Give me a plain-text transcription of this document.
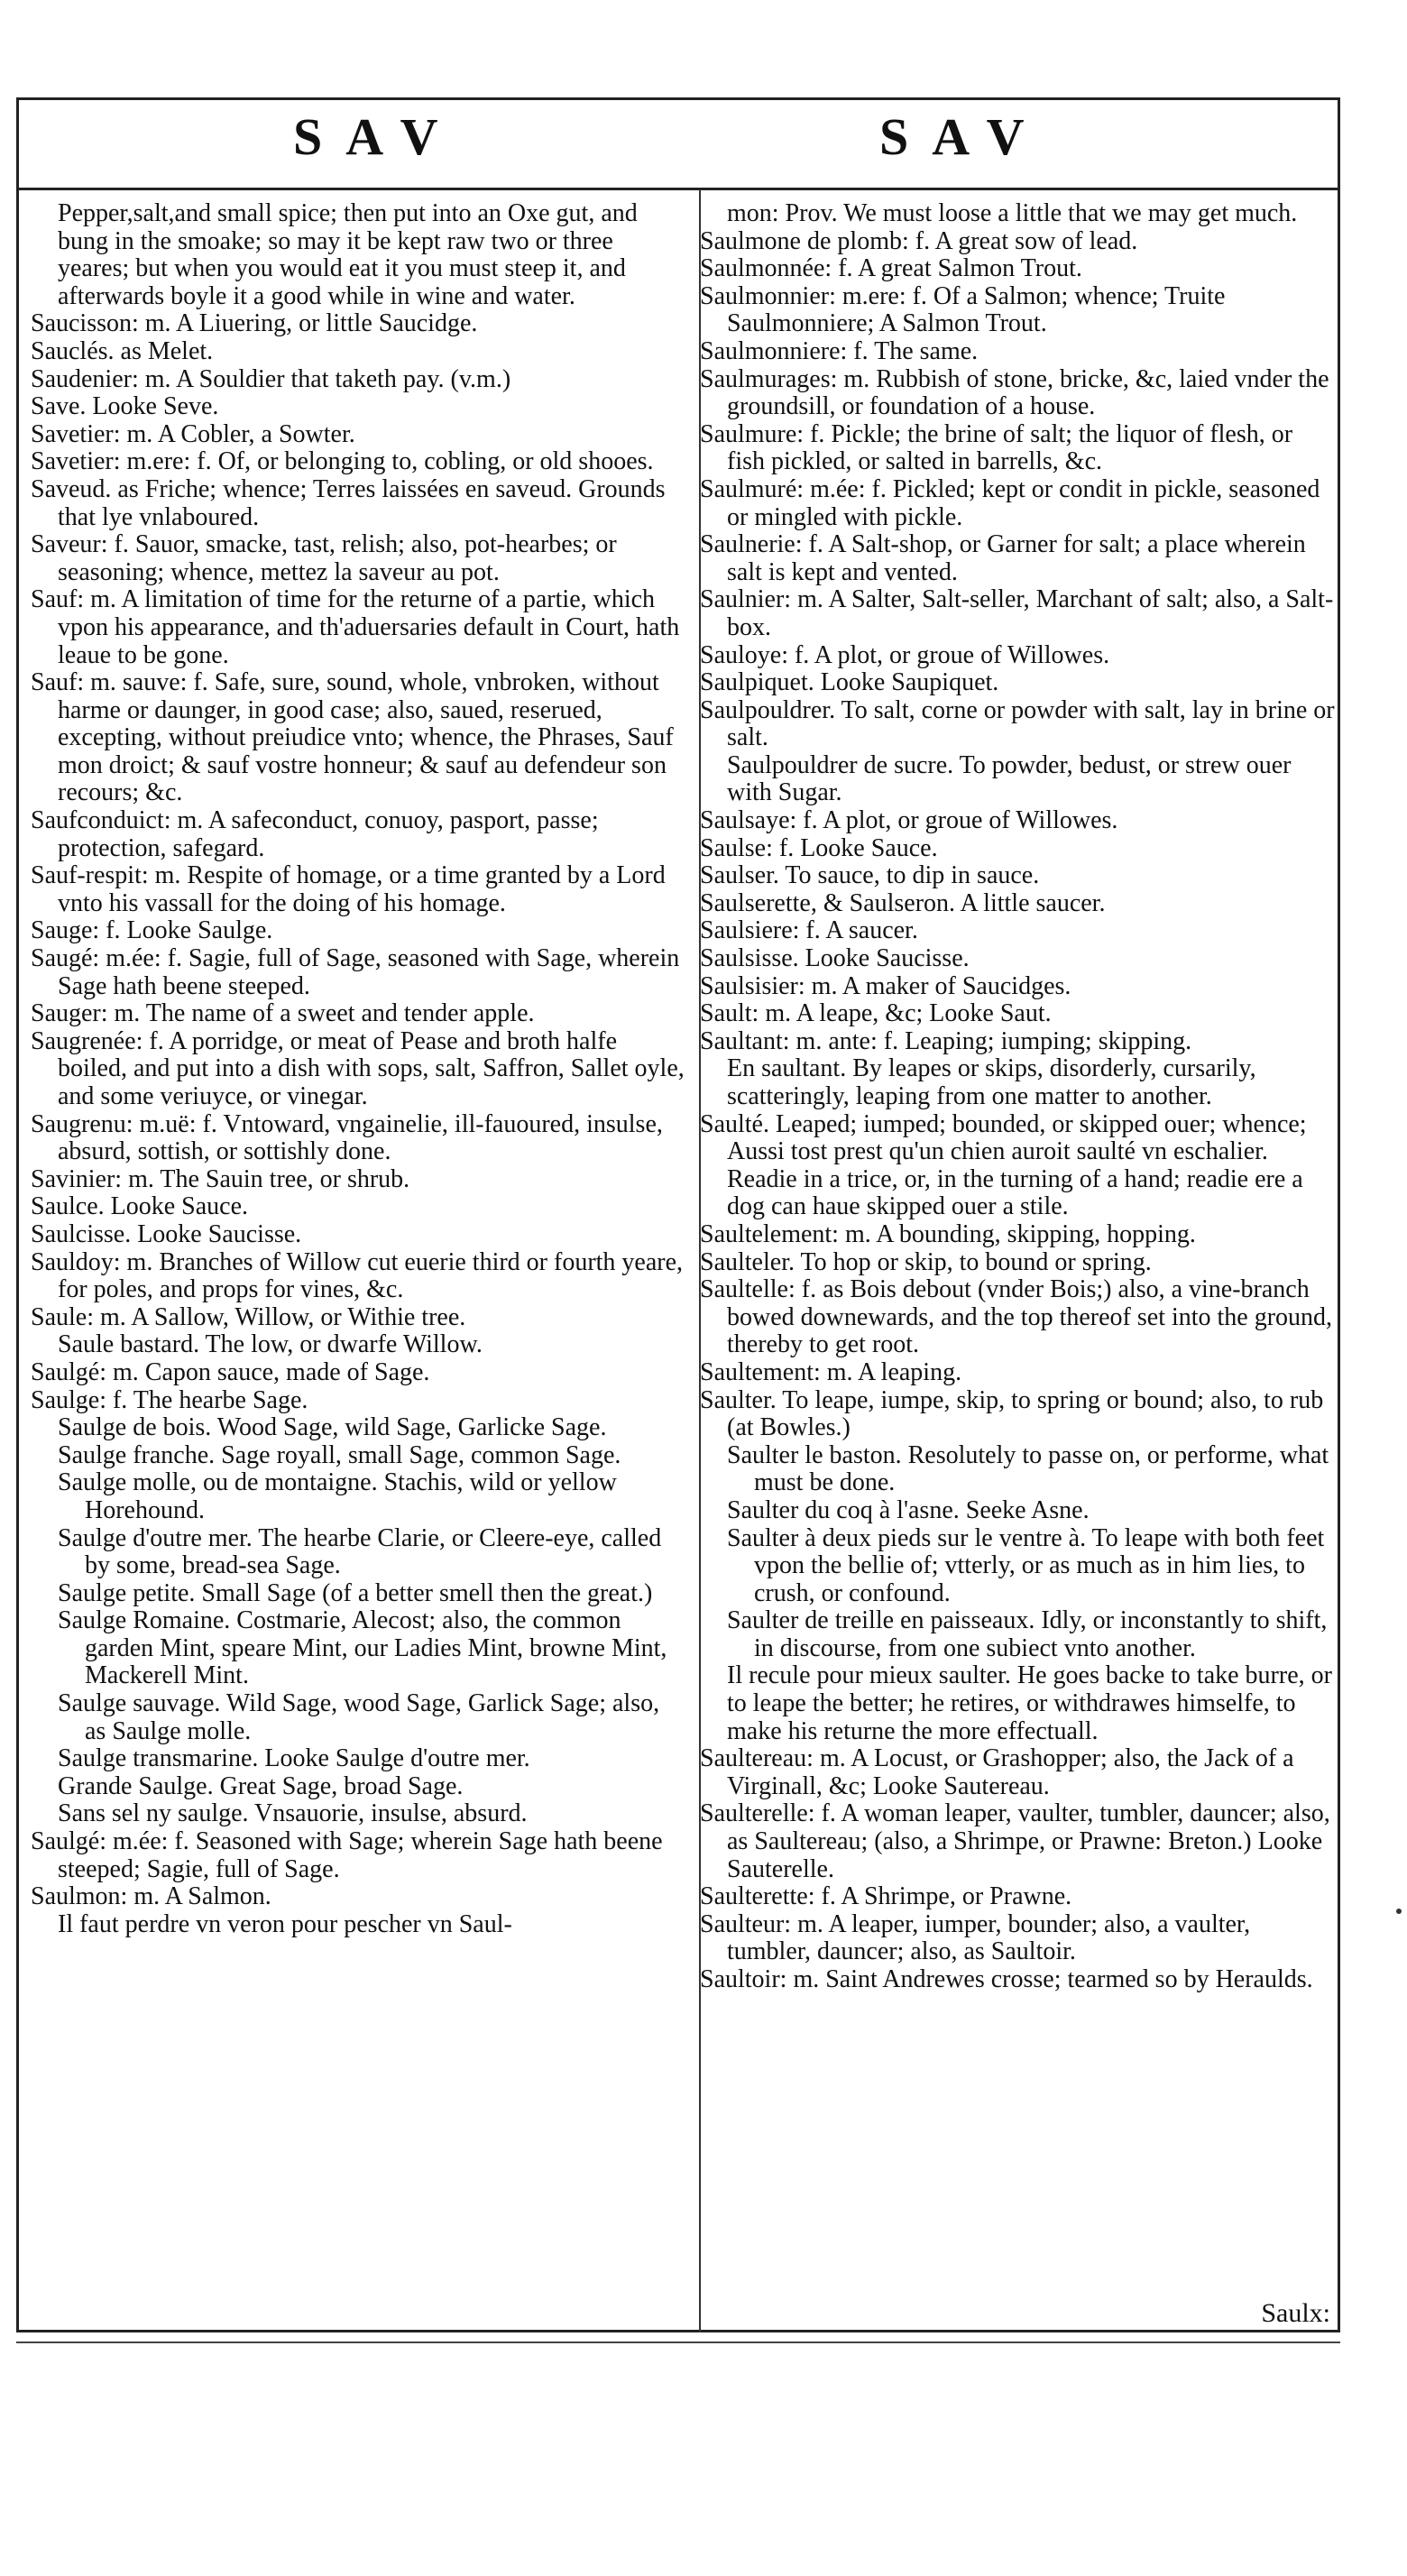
SAV	SAV

Pepper,salt,and small spice; then put into an Oxe gut, and bung in the smoake; so may it be kept raw two or three yeares; but when you would eat it you must steep it, and afterwards boyle it a good while in wine and water.

Saucisson: m. A Liuering, or little Saucidge.

Sauclés. as Melet.

Saudenier: m. A Souldier that taketh pay. (v.m.)

Save. Looke Seve.

Savetier: m. A Cobler, a Sowter.

Savetier: m.ere: f. Of, or belonging to, cobling, or old shooes.

Saveud. as Friche; whence; Terres laissées en saveud. Grounds that lye vnlaboured.

Saveur: f. Sauor, smacke, tast, relish; also, pot-hearbes; or seasoning; whence, mettez la saveur au pot.

Sauf: m. A limitation of time for the returne of a partie, which vpon his appearance, and th'aduersaries default in Court, hath leaue to be gone.

Sauf: m. sauve: f. Safe, sure, sound, whole, vnbroken, without harme or daunger, in good case; also, saued, reserued, excepting, without preiudice vnto; whence, the Phrases, Sauf mon droict; & sauf vostre honneur; & sauf au defendeur son recours; &c.

Saufconduict: m. A safeconduct, conuoy, pasport, passe; protection, safegard.

Sauf-respit: m. Respite of homage, or a time granted by a Lord vnto his vassall for the doing of his homage.

Sauge: f. Looke Saulge.

Saugé: m.ée: f. Sagie, full of Sage, seasoned with Sage, wherein Sage hath beene steeped.

Sauger: m. The name of a sweet and tender apple.

Saugrenée: f. A porridge, or meat of Pease and broth halfe boiled, and put into a dish with sops, salt, Saffron, Sallet oyle, and some veriuyce, or vinegar.

Saugrenu: m.uë: f. Vntoward, vngainelie, ill-fauoured, insulse, absurd, sottish, or sottishly done.

Savinier: m. The Sauin tree, or shrub.

Saulce. Looke Sauce.

Saulcisse. Looke Saucisse.

Sauldoy: m. Branches of Willow cut euerie third or fourth yeare, for poles, and props for vines, &c.

Saule: m. A Sallow, Willow, or Withie tree.

Saule bastard. The low, or dwarfe Willow.

Saulgé: m. Capon sauce, made of Sage.

Saulge: f. The hearbe Sage.

Saulge de bois. Wood Sage, wild Sage, Garlicke Sage.

Saulge franche. Sage royall, small Sage, common Sage.

Saulge molle, ou de montaigne. Stachis, wild or yellow Horehound.

Saulge d'outre mer. The hearbe Clarie, or Cleere-eye, called by some, bread-sea Sage.

Saulge petite. Small Sage (of a better smell then the great.)

Saulge Romaine. Costmarie, Alecost; also, the common garden Mint, speare Mint, our Ladies Mint, browne Mint, Mackerell Mint.

Saulge sauvage. Wild Sage, wood Sage, Garlick Sage; also, as Saulge molle.

Saulge transmarine. Looke Saulge d'outre mer.

Grande Saulge. Great Sage, broad Sage.

Sans sel ny saulge. Vnsauorie, insulse, absurd.

Saulgé: m.ée: f. Seasoned with Sage; wherein Sage hath beene steeped; Sagie, full of Sage.

Saulmon: m. A Salmon.

Il faut perdre vn veron pour pescher vn Saul-

mon: Prov. We must loose a little that we may get much.

Saulmone de plomb: f. A great sow of lead.

Saulmonnée: f. A great Salmon Trout.

Saulmonnier: m.ere: f. Of a Salmon; whence; Truite Saulmonniere; A Salmon Trout.

Saulmonniere: f. The same.

Saulmurages: m. Rubbish of stone, bricke, &c, laied vnder the groundsill, or foundation of a house.

Saulmure: f. Pickle; the brine of salt; the liquor of flesh, or fish pickled, or salted in barrells, &c.

Saulmuré: m.ée: f. Pickled; kept or condit in pickle, seasoned or mingled with pickle.

Saulnerie: f. A Salt-shop, or Garner for salt; a place wherein salt is kept and vented.

Saulnier: m. A Salter, Salt-seller, Marchant of salt; also, a Salt-box.

Sauloye: f. A plot, or groue of Willowes.

Saulpiquet. Looke Saupiquet.

Saulpouldrer. To salt, corne or powder with salt, lay in brine or salt.

Saulpouldrer de sucre. To powder, bedust, or strew ouer with Sugar.

Saulsaye: f. A plot, or groue of Willowes.

Saulse: f. Looke Sauce.

Saulser. To sauce, to dip in sauce.

Saulserette, & Saulseron. A little saucer.

Saulsiere: f. A saucer.

Saulsisse. Looke Saucisse.

Saulsisier: m. A maker of Saucidges.

Sault: m. A leape, &c; Looke Saut.

Saultant: m. ante: f. Leaping; iumping; skipping.

En saultant. By leapes or skips, disorderly, cursarily, scatteringly, leaping from one matter to another.

Saulté. Leaped; iumped; bounded, or skipped ouer; whence;

Aussi tost prest qu'un chien auroit saulté vn eschalier. Readie in a trice, or, in the turning of a hand; readie ere a dog can haue skipped ouer a stile.

Saultelement: m. A bounding, skipping, hopping.

Saulteler. To hop or skip, to bound or spring.

Saultelle: f. as Bois debout (vnder Bois;) also, a vine-branch bowed downewards, and the top thereof set into the ground, thereby to get root.

Saultement: m. A leaping.

Saulter. To leape, iumpe, skip, to spring or bound; also, to rub (at Bowles.)

Saulter le baston. Resolutely to passe on, or performe, what must be done.

Saulter du coq à l'asne. Seeke Asne.

Saulter à deux pieds sur le ventre à. To leape with both feet vpon the bellie of; vtterly, or as much as in him lies, to crush, or confound.

Saulter de treille en paisseaux. Idly, or inconstantly to shift, in discourse, from one subiect vnto another.

Il recule pour mieux saulter. He goes backe to take burre, or to leape the better; he retires, or withdrawes himselfe, to make his returne the more effectuall.

Saultereau: m. A Locust, or Grashopper; also, the Jack of a Virginall, &c; Looke Sautereau.

Saulterelle: f. A woman leaper, vaulter, tumbler, dauncer; also, as Saultereau; (also, a Shrimpe, or Prawne: Breton.) Looke Sauterelle.

Saulterette: f. A Shrimpe, or Prawne.

Saulteur: m. A leaper, iumper, bounder; also, a vaulter, tumbler, dauncer; also, as Saultoir.

Saultoir: m. Saint Andrewes crosse; tearmed so by Heraulds.

Saulx:
